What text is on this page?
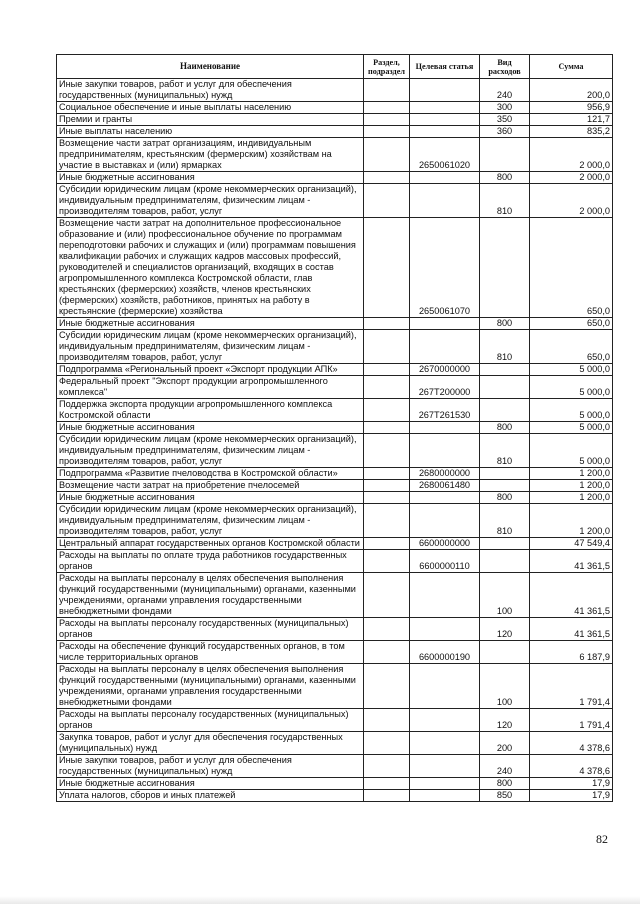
Наименование	Раздел, подраздел	Целевая статья	Вид расходов	Сумма
Иные закупки товаров, работ и услуг для обеспечения государственных (муниципальных) нужд			240	200,0
Социальное обеспечение и иные выплаты населению			300	956,9
Премии и гранты			350	121,7
Иные выплаты населению			360	835,2
Возмещение части затрат организациям, индивидуальным предпринимателям, крестьянским (фермерским) хозяйствам на участие в выставках и (или) ярмарках		2650061020		2 000,0
Иные бюджетные ассигнования			800	2 000,0
Субсидии юридическим лицам (кроме некоммерческих организаций), индивидуальным предпринимателям, физическим лицам - производителям товаров, работ, услуг			810	2 000,0
Возмещение части затрат на дополнительное профессиональное образование и (или) профессиональное обучение по программам переподготовки рабочих и служащих и (или) программам повышения квалификации рабочих и служащих кадров массовых профессий, руководителей и специалистов организаций, входящих в состав агропромышленного комплекса Костромской области, глав крестьянских (фермерских) хозяйств, членов крестьянских (фермерских) хозяйств, работников, принятых на работу в крестьянские (фермерские) хозяйства		2650061070		650,0
Иные бюджетные ассигнования			800	650,0
Субсидии юридическим лицам (кроме некоммерческих организаций), индивидуальным предпринимателям, физическим лицам - производителям товаров, работ, услуг			810	650,0
Подпрограмма «Региональный проект «Экспорт продукции АПК»		2670000000		5 000,0
Федеральный проект "Экспорт продукции агропромышленного комплекса"		267T200000		5 000,0
Поддержка экспорта продукции агропромышленного комплекса Костромской области		267T261530		5 000,0
Иные бюджетные ассигнования			800	5 000,0
Субсидии юридическим лицам (кроме некоммерческих организаций), индивидуальным предпринимателям, физическим лицам - производителям товаров, работ, услуг			810	5 000,0
Подпрограмма «Развитие пчеловодства в Костромской области»		2680000000		1 200,0
Возмещение части затрат на приобретение пчелосемей		2680061480		1 200,0
Иные бюджетные ассигнования			800	1 200,0
Субсидии юридическим лицам (кроме некоммерческих организаций), индивидуальным предпринимателям, физическим лицам - производителям товаров, работ, услуг			810	1 200,0
Центральный аппарат государственных органов Костромской области		6600000000		47 549,4
Расходы на выплаты по оплате труда работников государственных органов		6600000110		41 361,5
Расходы на выплаты персоналу в целях обеспечения выполнения функций государственными (муниципальными) органами, казенными учреждениями, органами управления государственными внебюджетными фондами			100	41 361,5
Расходы на выплаты персоналу государственных (муниципальных) органов			120	41 361,5
Расходы на обеспечение функций государственных органов, в том числе территориальных органов		6600000190		6 187,9
Расходы на выплаты персоналу в целях обеспечения выполнения функций государственными (муниципальными) органами, казенными учреждениями, органами управления государственными внебюджетными фондами			100	1 791,4
Расходы на выплаты персоналу государственных (муниципальных) органов			120	1 791,4
Закупка товаров, работ и услуг для обеспечения государственных (муниципальных) нужд			200	4 378,6
Иные закупки товаров, работ и услуг для обеспечения государственных (муниципальных) нужд			240	4 378,6
Иные бюджетные ассигнования			800	17,9
Уплата налогов, сборов и иных платежей			850	17,9
82
